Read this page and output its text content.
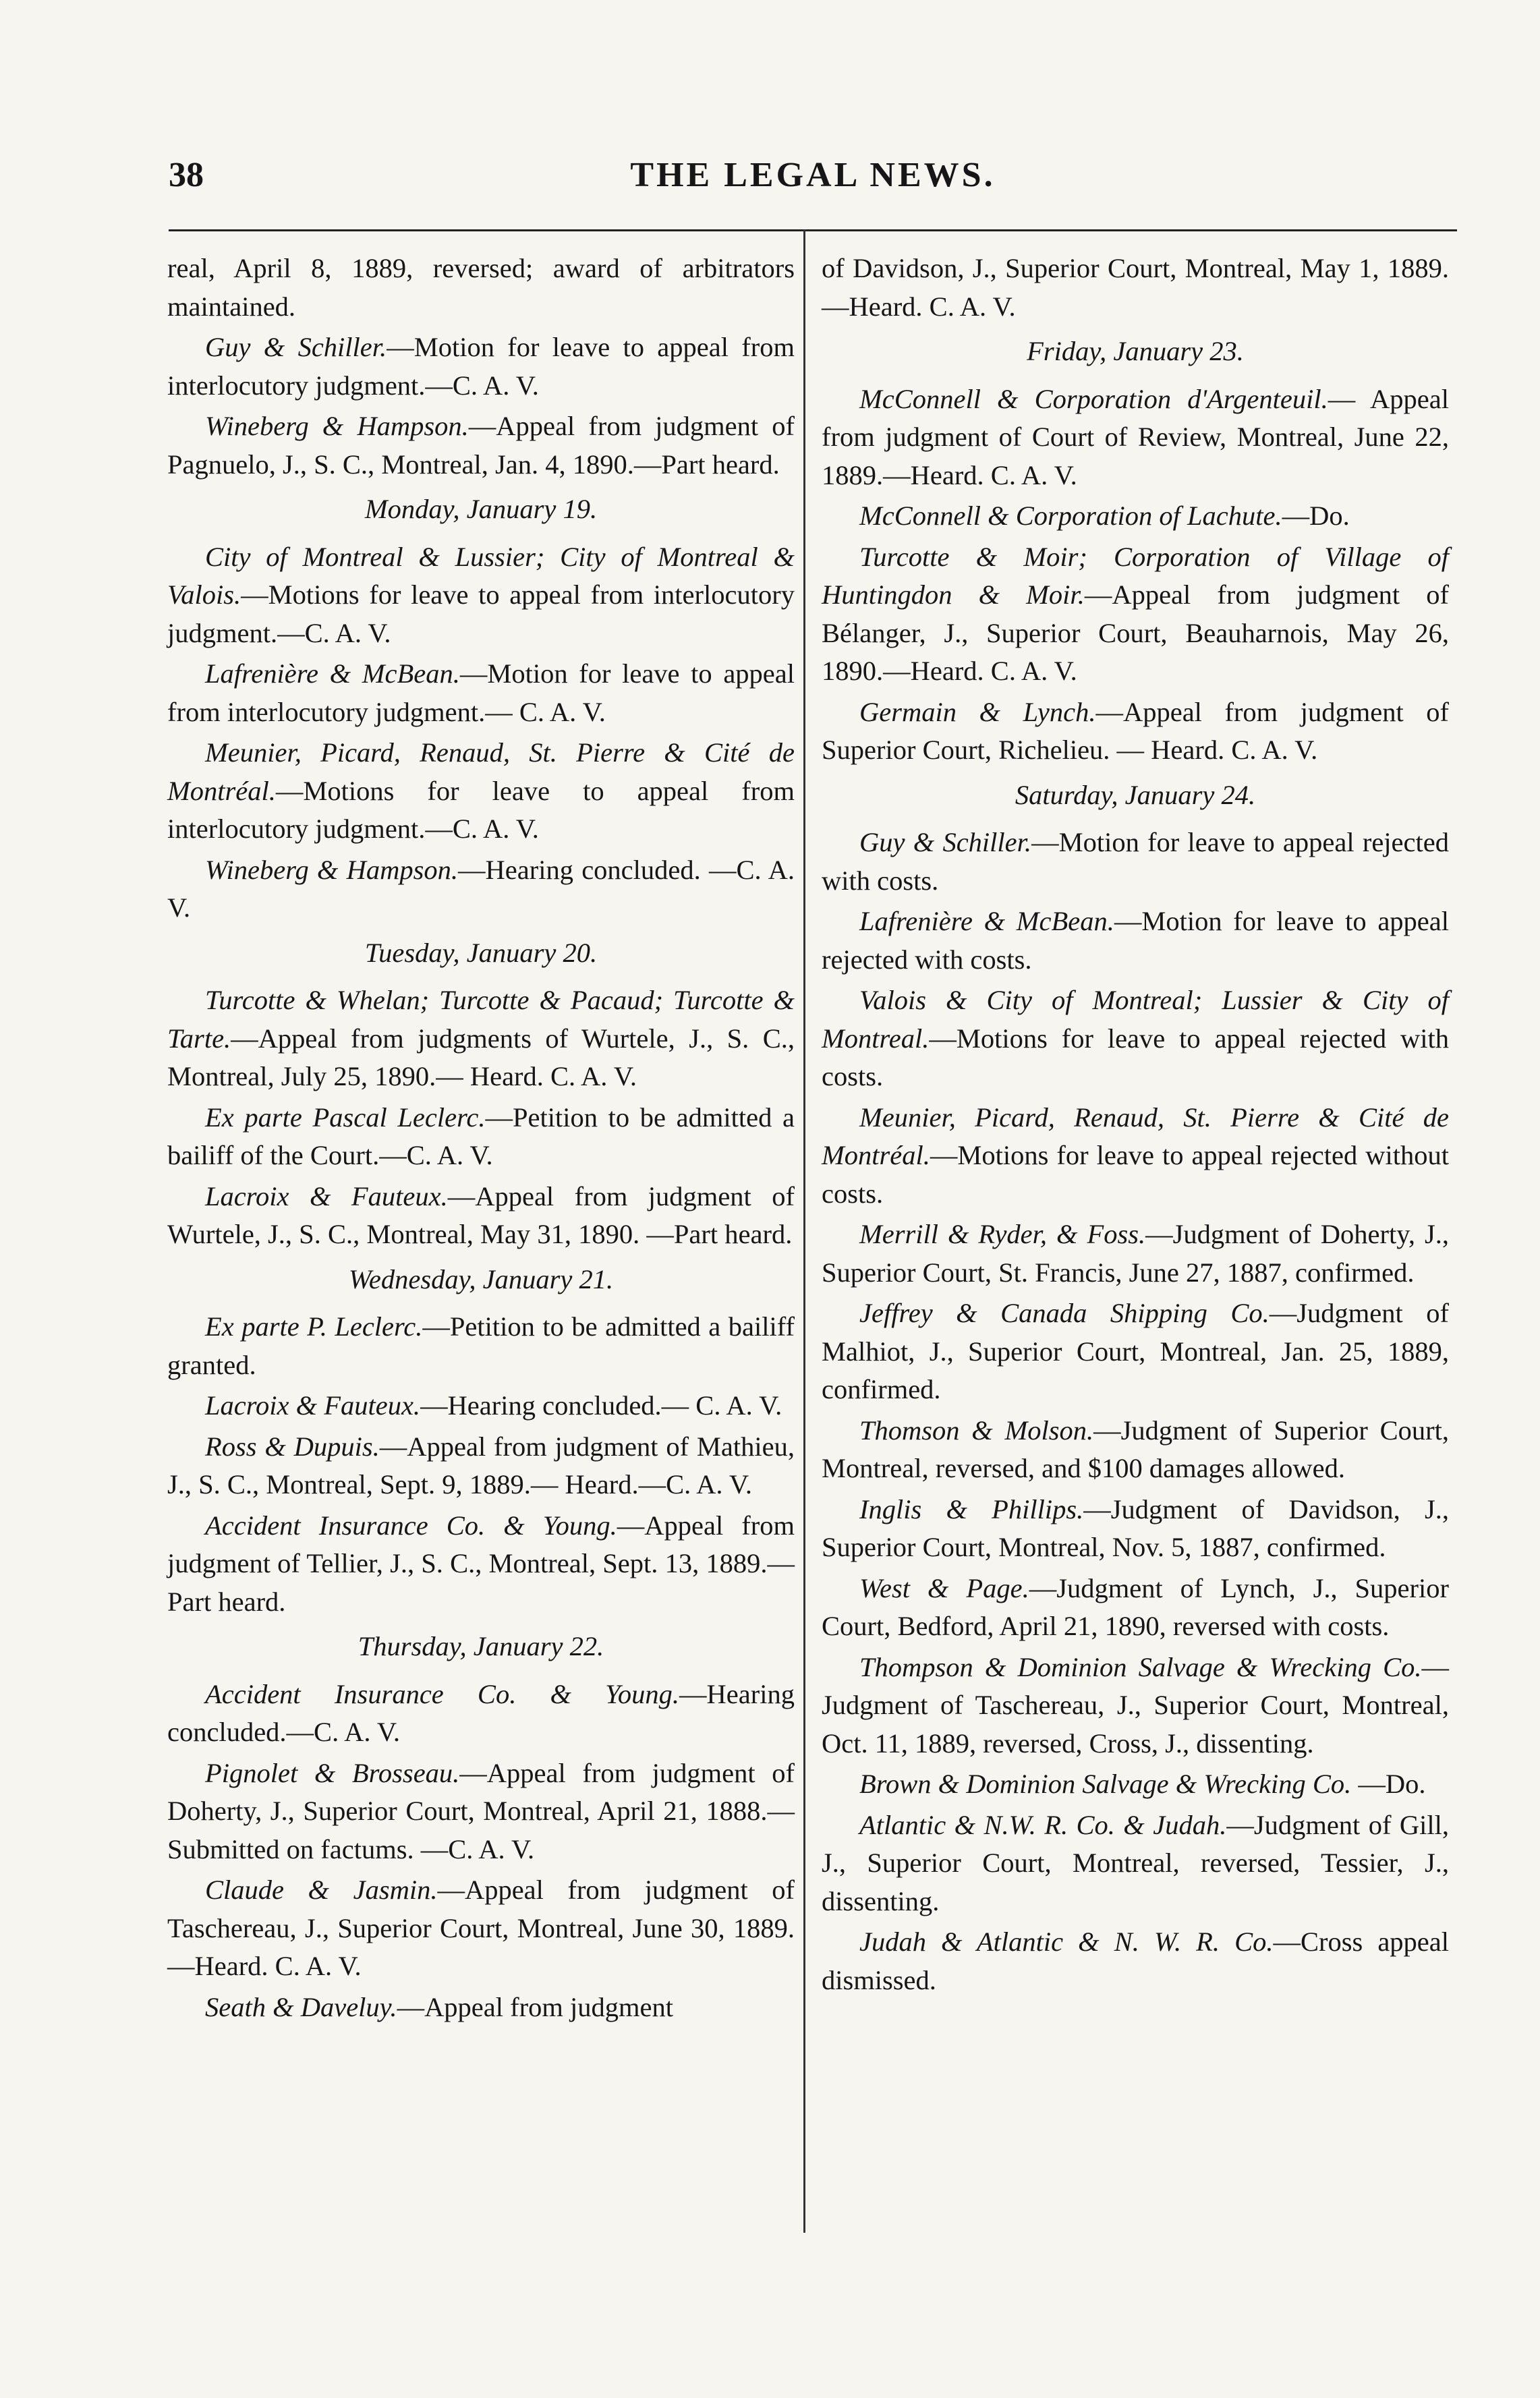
38	THE LEGAL NEWS.

real, April 8, 1889, reversed; award of arbitrators maintained.

Guy & Schiller.—Motion for leave to appeal from interlocutory judgment.—C. A. V.

Wineberg & Hampson.—Appeal from judgment of Pagnuelo, J., S. C., Montreal, Jan. 4, 1890.—Part heard.

Monday, January 19.

City of Montreal & Lussier; City of Montreal & Valois.—Motions for leave to appeal from interlocutory judgment.—C. A. V.

Lafrenière & McBean.—Motion for leave to appeal from interlocutory judgment.— C. A. V.

Meunier, Picard, Renaud, St. Pierre & Cité de Montréal.—Motions for leave to appeal from interlocutory judgment.—C. A. V.

Wineberg & Hampson.—Hearing concluded. —C. A. V.

Tuesday, January 20.

Turcotte & Whelan; Turcotte & Pacaud; Turcotte & Tarte.—Appeal from judgments of Wurtele, J., S. C., Montreal, July 25, 1890.— Heard. C. A. V.

Ex parte Pascal Leclerc.—Petition to be admitted a bailiff of the Court.—C. A. V.

Lacroix & Fauteux.—Appeal from judgment of Wurtele, J., S. C., Montreal, May 31, 1890. —Part heard.

Wednesday, January 21.

Ex parte P. Leclerc.—Petition to be admitted a bailiff granted.

Lacroix & Fauteux.—Hearing concluded.— C. A. V.

Ross & Dupuis.—Appeal from judgment of Mathieu, J., S. C., Montreal, Sept. 9, 1889.— Heard.—C. A. V.

Accident Insurance Co. & Young.—Appeal from judgment of Tellier, J., S. C., Montreal, Sept. 13, 1889.—Part heard.

Thursday, January 22.

Accident Insurance Co. & Young.—Hearing concluded.—C. A. V.

Pignolet & Brosseau.—Appeal from judgment of Doherty, J., Superior Court, Montreal, April 21, 1888.—Submitted on factums. —C. A. V.

Claude & Jasmin.—Appeal from judgment of Taschereau, J., Superior Court, Montreal, June 30, 1889.—Heard. C. A. V.

Seath & Daveluy.—Appeal from judgment

of Davidson, J., Superior Court, Montreal, May 1, 1889.—Heard. C. A. V.

Friday, January 23.

McConnell & Corporation d'Argenteuil.— Appeal from judgment of Court of Review, Montreal, June 22, 1889.—Heard. C. A. V.

McConnell & Corporation of Lachute.—Do.

Turcotte & Moir; Corporation of Village of Huntingdon & Moir.—Appeal from judgment of Bélanger, J., Superior Court, Beauharnois, May 26, 1890.—Heard. C. A. V.

Germain & Lynch.—Appeal from judgment of Superior Court, Richelieu. — Heard. C. A. V.

Saturday, January 24.

Guy & Schiller.—Motion for leave to appeal rejected with costs.

Lafrenière & McBean.—Motion for leave to appeal rejected with costs.

Valois & City of Montreal; Lussier & City of Montreal.—Motions for leave to appeal rejected with costs.

Meunier, Picard, Renaud, St. Pierre & Cité de Montréal.—Motions for leave to appeal rejected without costs.

Merrill & Ryder, & Foss.—Judgment of Doherty, J., Superior Court, St. Francis, June 27, 1887, confirmed.

Jeffrey & Canada Shipping Co.—Judgment of Malhiot, J., Superior Court, Montreal, Jan. 25, 1889, confirmed.

Thomson & Molson.—Judgment of Superior Court, Montreal, reversed, and $100 damages allowed.

Inglis & Phillips.—Judgment of Davidson, J., Superior Court, Montreal, Nov. 5, 1887, confirmed.

West & Page.—Judgment of Lynch, J., Superior Court, Bedford, April 21, 1890, reversed with costs.

Thompson & Dominion Salvage & Wrecking Co.—Judgment of Taschereau, J., Superior Court, Montreal, Oct. 11, 1889, reversed, Cross, J., dissenting.

Brown & Dominion Salvage & Wrecking Co. —Do.

Atlantic & N.W. R. Co. & Judah.—Judgment of Gill, J., Superior Court, Montreal, reversed, Tessier, J., dissenting.

Judah & Atlantic & N. W. R. Co.—Cross appeal dismissed.
